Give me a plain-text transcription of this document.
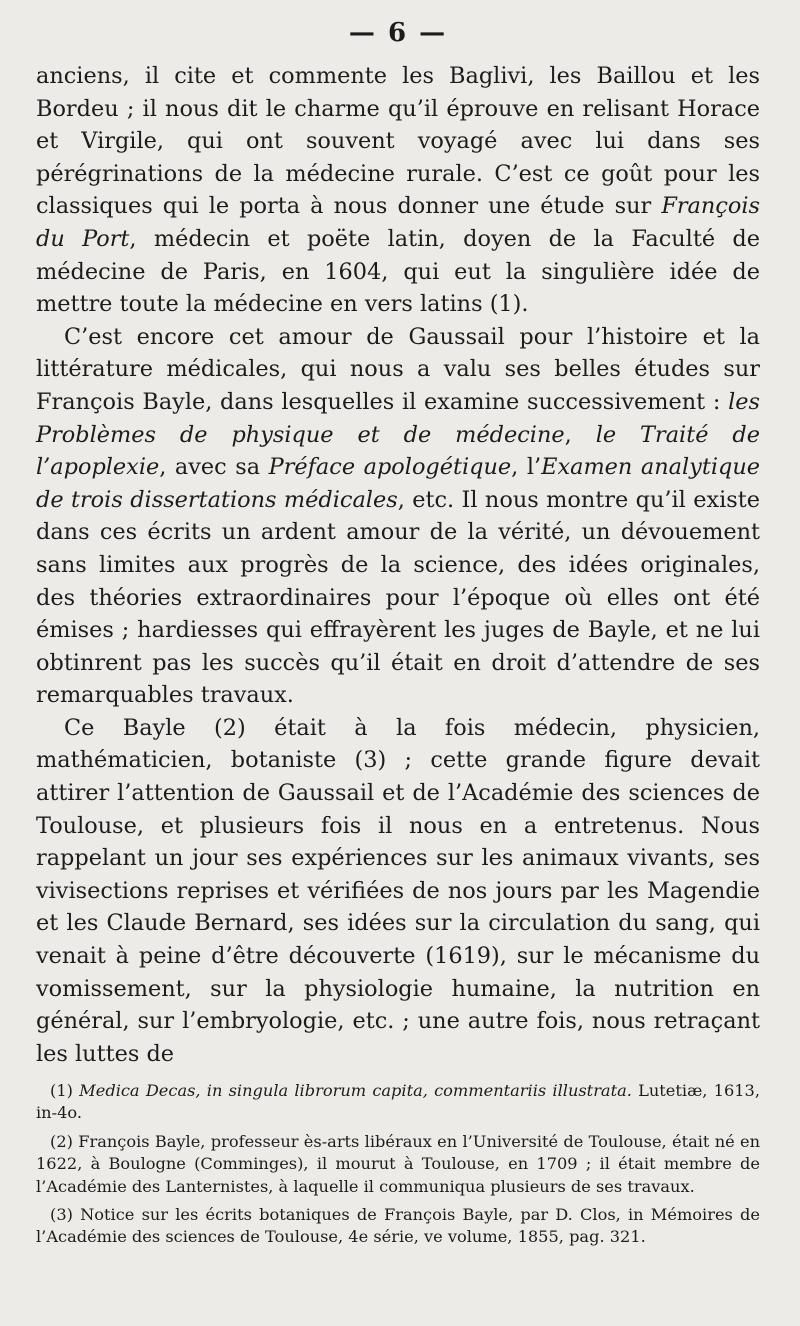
— 6 —

anciens, il cite et commente les Baglivi, les Baillou et les Bordeu ; il nous dit le charme qu’il éprouve en relisant Horace et Virgile, qui ont souvent voyagé avec lui dans ses pérégrinations de la médecine rurale. C’est ce goût pour les classiques qui le porta à nous donner une étude sur François du Port, médecin et poëte latin, doyen de la Faculté de médecine de Paris, en 1604, qui eut la singulière idée de mettre toute la médecine en vers latins (1).

C’est encore cet amour de Gaussail pour l’histoire et la littérature médicales, qui nous a valu ses belles études sur François Bayle, dans lesquelles il examine successivement : les Problèmes de physique et de médecine, le Traité de l’apoplexie, avec sa Préface apologétique, l’Examen analytique de trois dissertations médicales, etc. Il nous montre qu’il existe dans ces écrits un ardent amour de la vérité, un dévouement sans limites aux progrès de la science, des idées originales, des théories extraordinaires pour l’époque où elles ont été émises ; hardiesses qui effrayèrent les juges de Bayle, et ne lui obtinrent pas les succès qu’il était en droit d’attendre de ses remarquables travaux.

Ce Bayle (2) était à la fois médecin, physicien, mathématicien, botaniste (3) ; cette grande figure devait attirer l’attention de Gaussail et de l’Académie des sciences de Toulouse, et plusieurs fois il nous en a entretenus. Nous rappelant un jour ses expériences sur les animaux vivants, ses vivisections reprises et vérifiées de nos jours par les Magendie et les Claude Bernard, ses idées sur la circulation du sang, qui venait à peine d’être découverte (1619), sur le mécanisme du vomissement, sur la physiologie humaine, la nutrition en général, sur l’embryologie, etc. ; une autre fois, nous retraçant les luttes de

(1) Medica Decas, in singula librorum capita, commentariis illustrata. Lutetiæ, 1613, in-4o.

(2) François Bayle, professeur ès-arts libéraux en l’Université de Toulouse, était né en 1622, à Boulogne (Comminges), il mourut à Toulouse, en 1709 ; il était membre de l’Académie des Lanternistes, à laquelle il communiqua plusieurs de ses travaux.

(3) Notice sur les écrits botaniques de François Bayle, par D. Clos, in Mémoires de l’Académie des sciences de Toulouse, 4e série, ve volume, 1855, pag. 321.
